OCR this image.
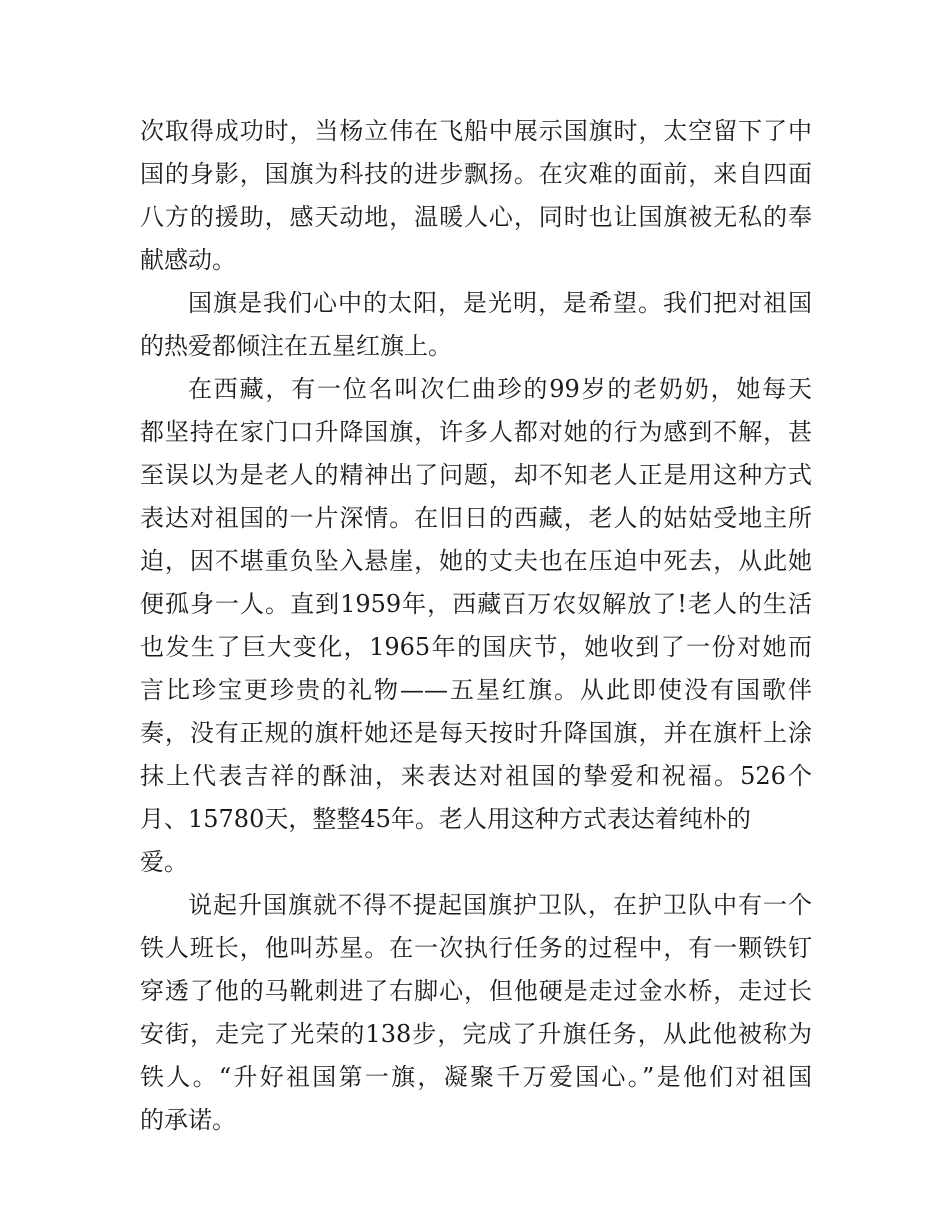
次取得成功时，当杨立伟在飞船中展示国旗时，太空留下了中
国的身影，国旗为科技的进步飘扬。在灾难的面前，来自四面
八方的援助，感天动地，温暖人心，同时也让国旗被无私的奉
献感动。
国旗是我们心中的太阳，是光明，是希望。我们把对祖国
的热爱都倾注在五星红旗上。
在西藏，有一位名叫次仁曲珍的99岁的老奶奶，她每天
都坚持在家门口升降国旗，许多人都对她的行为感到不解，甚
至误以为是老人的精神出了问题，却不知老人正是用这种方式
表达对祖国的一片深情。在旧日的西藏，老人的姑姑受地主所
迫，因不堪重负坠入悬崖，她的丈夫也在压迫中死去，从此她
便孤身一人。直到1959年，西藏百万农奴解放了!老人的生活
也发生了巨大变化，1965年的国庆节，她收到了一份对她而
言比珍宝更珍贵的礼物——五星红旗。从此即使没有国歌伴
奏，没有正规的旗杆她还是每天按时升降国旗，并在旗杆上涂
抹上代表吉祥的酥油，来表达对祖国的挚爱和祝福。526个
月、15780天，整整45年。老人用这种方式表达着纯朴的
爱。
说起升国旗就不得不提起国旗护卫队，在护卫队中有一个
铁人班长，他叫苏星。在一次执行任务的过程中，有一颗铁钉
穿透了他的马靴刺进了右脚心，但他硬是走过金水桥，走过长
安街，走完了光荣的138步，完成了升旗任务，从此他被称为
铁人。“升好祖国第一旗，凝聚千万爱国心。”是他们对祖国
的承诺。
